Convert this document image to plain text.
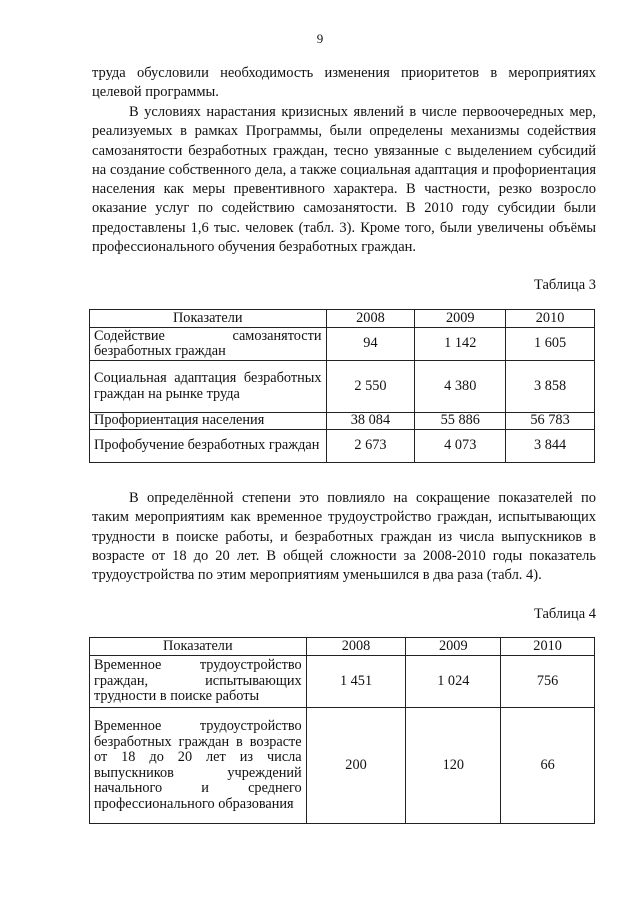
9

труда обусловили необходимость изменения приоритетов в мероприятиях целевой программы.

В условиях нарастания кризисных явлений в числе первоочередных мер, реализуемых в рамках Программы, были определены механизмы содействия самозанятости безработных граждан, тесно увязанные с выделением субсидий на создание собственного дела, а также социальная адаптация и профориентация населения как меры превентивного характера. В частности, резко возросло оказание услуг по содействию самозанятости. В 2010 году субсидии были предоставлены 1,6 тыс. человек (табл. 3). Кроме того, были увеличены объёмы профессионального обучения безработных граждан.

Таблица 3
Показатели	2008	2009	2010
Содействие самозанятости безработных граждан	94	1 142	1 605
Социальная адаптация безработных граждан на рынке труда	2 550	4 380	3 858
Профориентация населения	38 084	55 886	56 783
Профобучение безработных граждан	2 673	4 073	3 844

В определённой степени это повлияло на сокращение показателей по таким мероприятиям как временное трудоустройство граждан, испытывающих трудности в поиске работы, и безработных граждан из числа выпускников в возрасте от 18 до 20 лет. В общей сложности за 2008-2010 годы показатель трудоустройства по этим мероприятиям уменьшился в два раза (табл. 4).

Таблица 4
Показатели	2008	2009	2010
Временное трудоустройство граждан, испытывающих трудности в поиске работы	1 451	1 024	756
Временное трудоустройство безработных граждан в возрасте от 18 до 20 лет из числа выпускников учреждений начального и среднего профессионального образования	200	120	66
